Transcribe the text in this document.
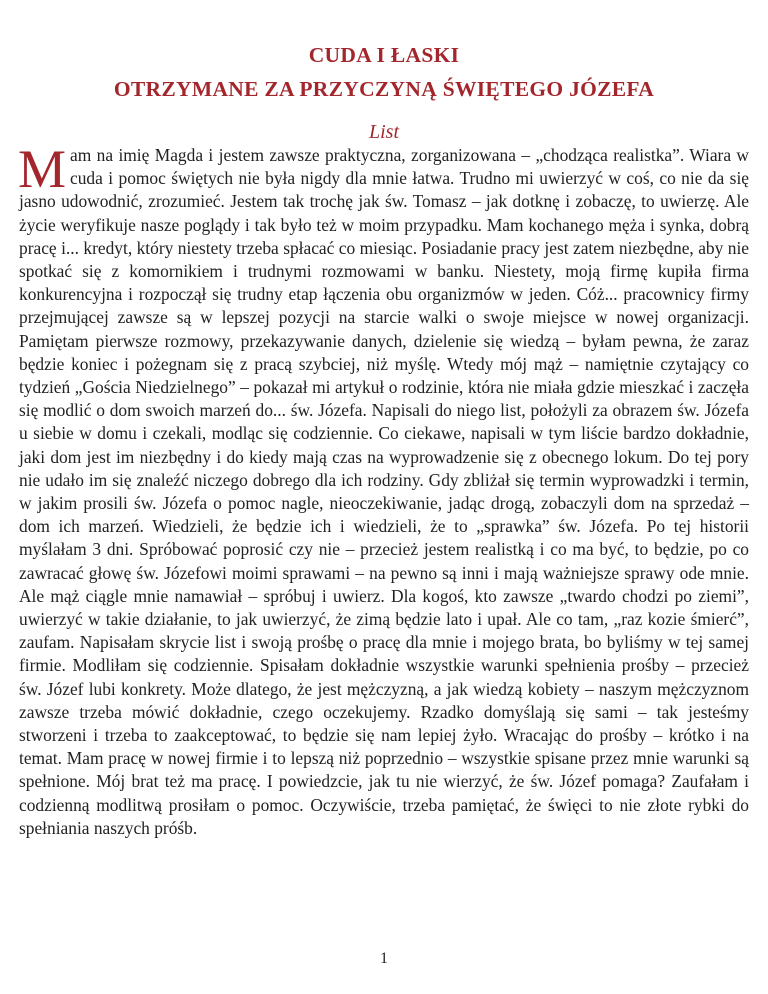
CUDA I ŁASKI
OTRZYMANE ZA PRZYCZYNĄ ŚWIĘTEGO JÓZEFA
List

Mam na imię Magda i jestem zawsze praktyczna, zorganizowana – „chodząca realistka”. Wiara w cuda i pomoc świętych nie była nigdy dla mnie łatwa. Trudno mi uwierzyć w coś, co nie da się jasno udowodnić, zrozumieć. Jestem tak trochę jak św. Tomasz – jak dotknę i zobaczę, to uwierzę. Ale życie weryfikuje nasze poglądy i tak było też w moim przypadku. Mam kochanego męża i synka, dobrą pracę i... kredyt, który niestety trzeba spłacać co miesiąc. Posiadanie pracy jest zatem niezbędne, aby nie spotkać się z komornikiem i trudnymi rozmowami w banku. Niestety, moją firmę kupiła firma konkurencyjna i rozpoczął się trudny etap łączenia obu organizmów w jeden. Cóż... pracownicy firmy przejmującej zawsze są w lepszej pozycji na starcie walki o swoje miejsce w nowej organizacji. Pamiętam pierwsze rozmowy, przekazywanie danych, dzielenie się wiedzą – byłam pewna, że zaraz będzie koniec i pożegnam się z pracą szybciej, niż myślę. Wtedy mój mąż – namiętnie czytający co tydzień „Gościa Niedzielnego” – pokazał mi artykuł o rodzinie, która nie miała gdzie mieszkać i zaczęła się modlić o dom swoich marzeń do... św. Józefa. Napisali do niego list, położyli za obrazem św. Józefa u siebie w domu i czekali, modląc się codziennie. Co ciekawe, napisali w tym liście bardzo dokładnie, jaki dom jest im niezbędny i do kiedy mają czas na wyprowadzenie się z obecnego lokum. Do tej pory nie udało im się znaleźć niczego dobrego dla ich rodziny. Gdy zbliżał się termin wyprowadzki i termin, w jakim prosili św. Józefa o pomoc nagle, nieoczekiwanie, jadąc drogą, zobaczyli dom na sprzedaż – dom ich marzeń. Wiedzieli, że będzie ich i wiedzieli, że to „sprawka” św. Józefa. Po tej historii myślałam 3 dni. Spróbować poprosić czy nie – przecież jestem realistką i co ma być, to będzie, po co zawracać głowę św. Józefowi moimi sprawami – na pewno są inni i mają ważniejsze sprawy ode mnie. Ale mąż ciągle mnie namawiał – spróbuj i uwierz. Dla kogoś, kto zawsze „twardo chodzi po ziemi”, uwierzyć w takie działanie, to jak uwierzyć, że zimą będzie lato i upał. Ale co tam, „raz kozie śmierć”, zaufam. Napisałam skrycie list i swoją prośbę o pracę dla mnie i mojego brata, bo byliśmy w tej samej firmie. Modliłam się codziennie. Spisałam dokładnie wszystkie warunki spełnienia prośby – przecież św. Józef lubi konkrety. Może dlatego, że jest mężczyzną, a jak wiedzą kobiety – naszym mężczyznom zawsze trzeba mówić dokładnie, czego oczekujemy. Rzadko domyślają się sami – tak jesteśmy stworzeni i trzeba to zaakceptować, to będzie się nam lepiej żyło. Wracając do prośby – krótko i na temat. Mam pracę w nowej firmie i to lepszą niż poprzednio – wszystkie spisane przez mnie warunki są spełnione. Mój brat też ma pracę. I powiedzcie, jak tu nie wierzyć, że św. Józef pomaga? Zaufałam i codzienną modlitwą prosiłam o pomoc. Oczywiście, trzeba pamiętać, że święci to nie złote rybki do spełniania naszych próśb.

1
